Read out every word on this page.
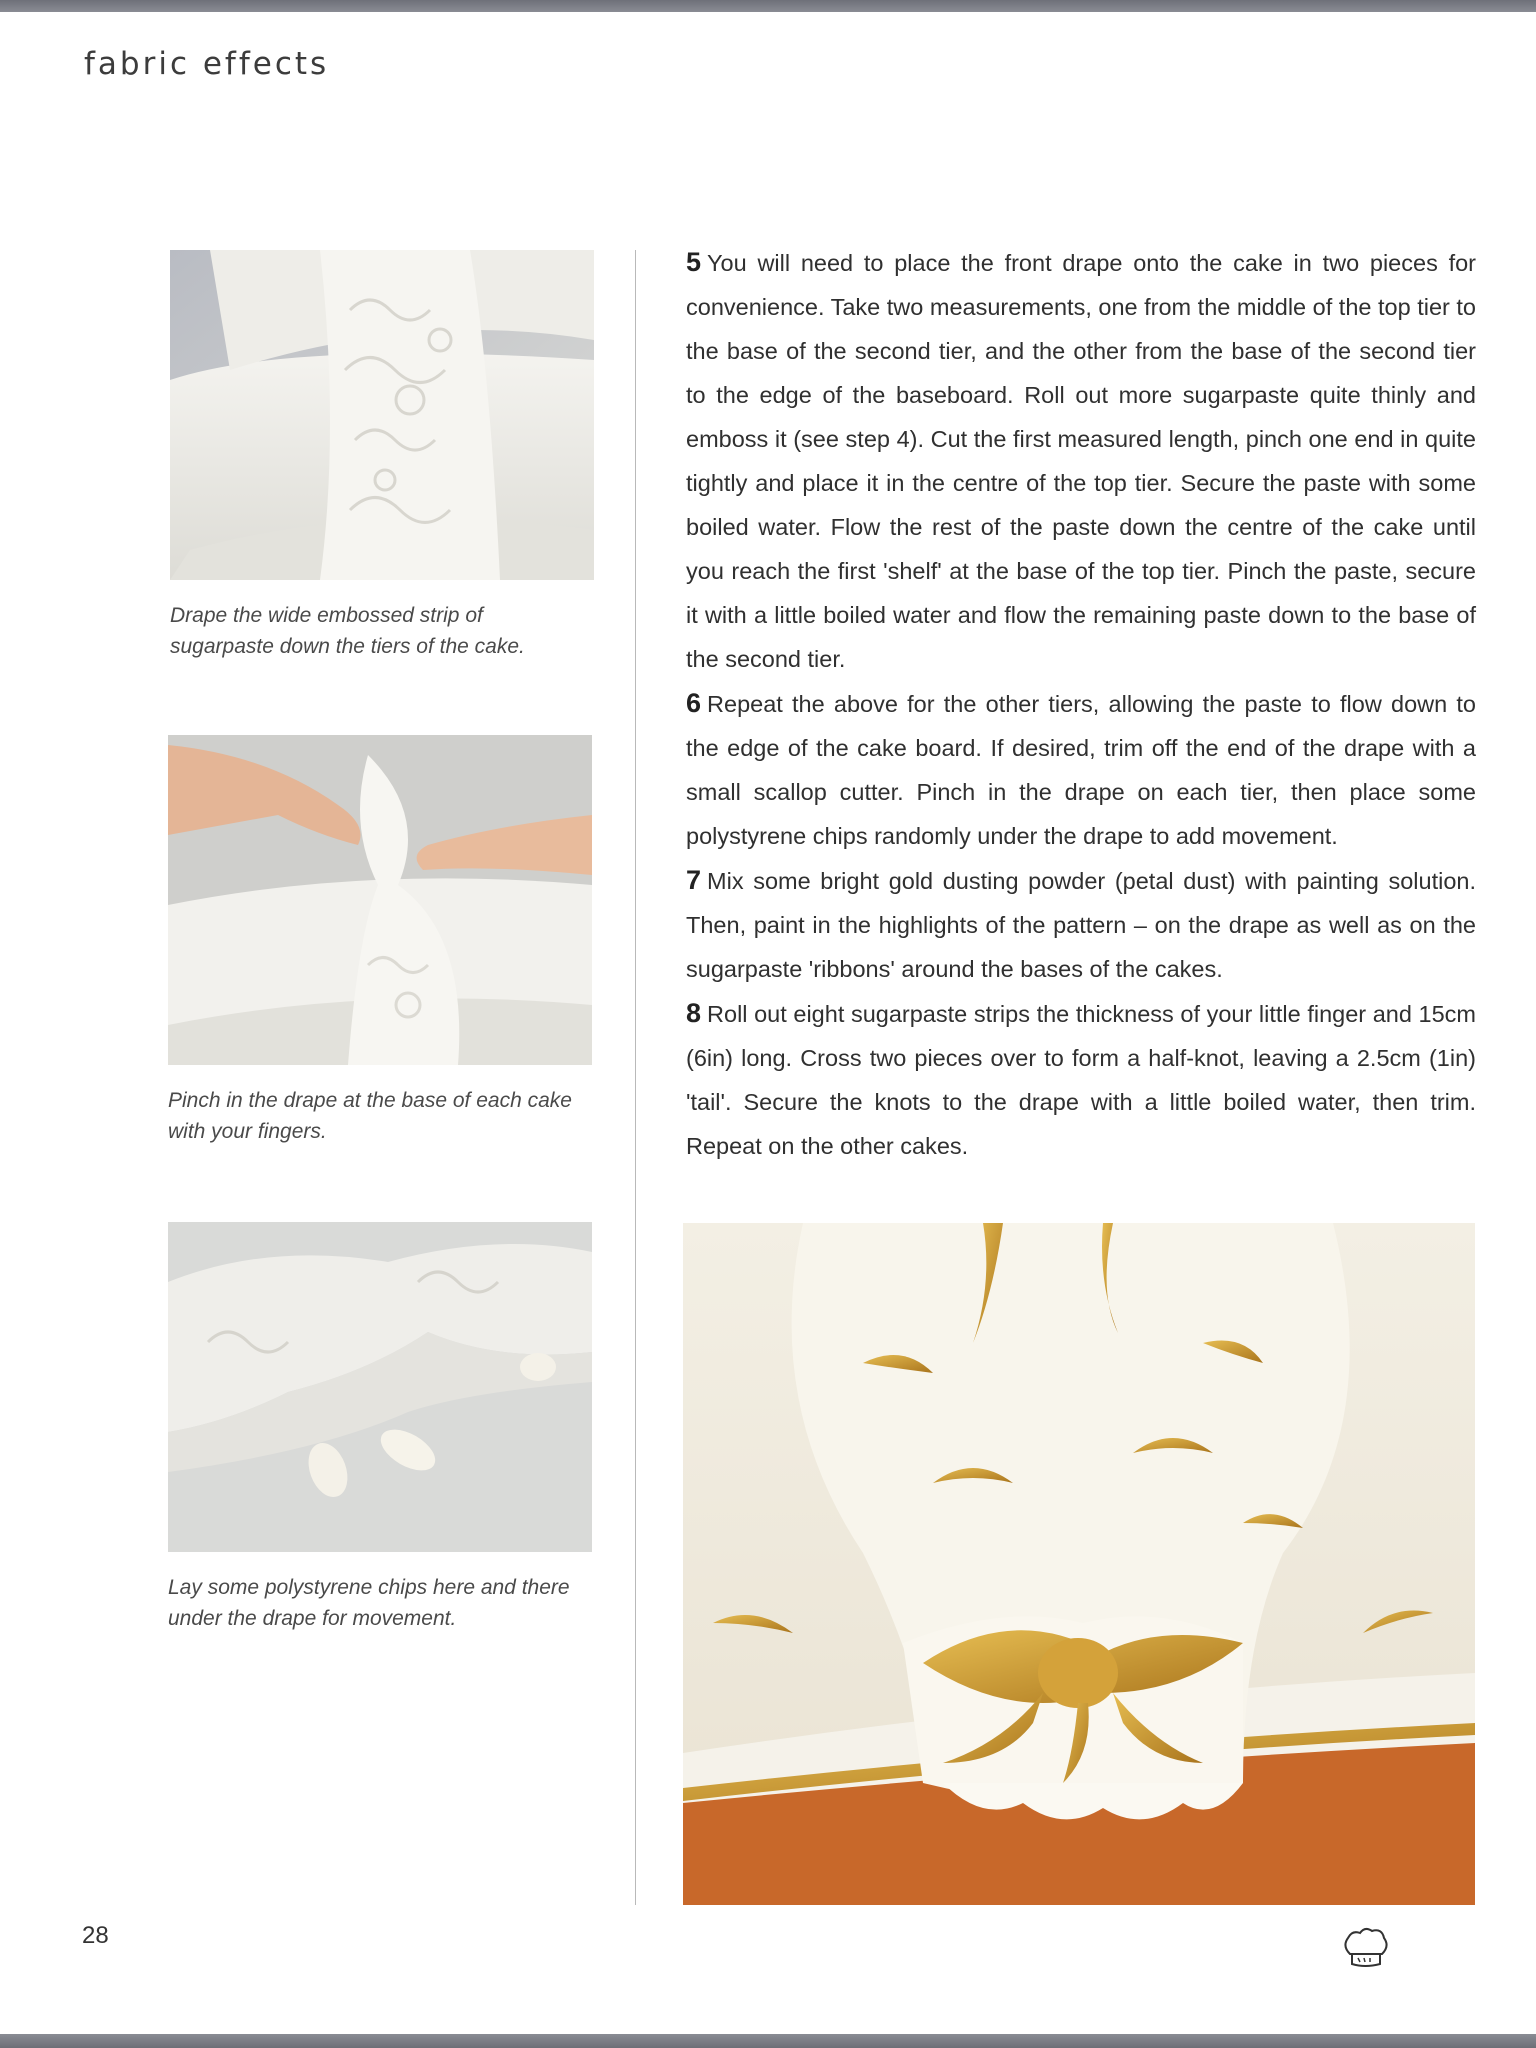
fabric effects
Drape the wide embossed strip of sugarpaste down the tiers of the cake.
Pinch in the drape at the base of each cake with your fingers.
Lay some polystyrene chips here and there under the drape for movement.

5 You will need to place the front drape onto the cake in two pieces for convenience. Take two measurements, one from the middle of the top tier to the base of the second tier, and the other from the base of the second tier to the edge of the baseboard. Roll out more sugarpaste quite thinly and emboss it (see step 4). Cut the first measured length, pinch one end in quite tightly and place it in the centre of the top tier. Secure the paste with some boiled water. Flow the rest of the paste down the centre of the cake until you reach the first 'shelf' at the base of the top tier. Pinch the paste, secure it with a little boiled water and flow the remaining paste down to the base of the second tier.

6 Repeat the above for the other tiers, allowing the paste to flow down to the edge of the cake board. If desired, trim off the end of the drape with a small scallop cutter. Pinch in the drape on each tier, then place some polystyrene chips randomly under the drape to add movement.

7 Mix some bright gold dusting powder (petal dust) with painting solution. Then, paint in the highlights of the pattern – on the drape as well as on the sugarpaste 'ribbons' around the bases of the cakes.

8 Roll out eight sugarpaste strips the thickness of your little finger and 15cm (6in) long. Cross two pieces over to form a half-knot, leaving a 2.5cm (1in) 'tail'. Secure the knots to the drape with a little boiled water, then trim. Repeat on the other cakes.

28
